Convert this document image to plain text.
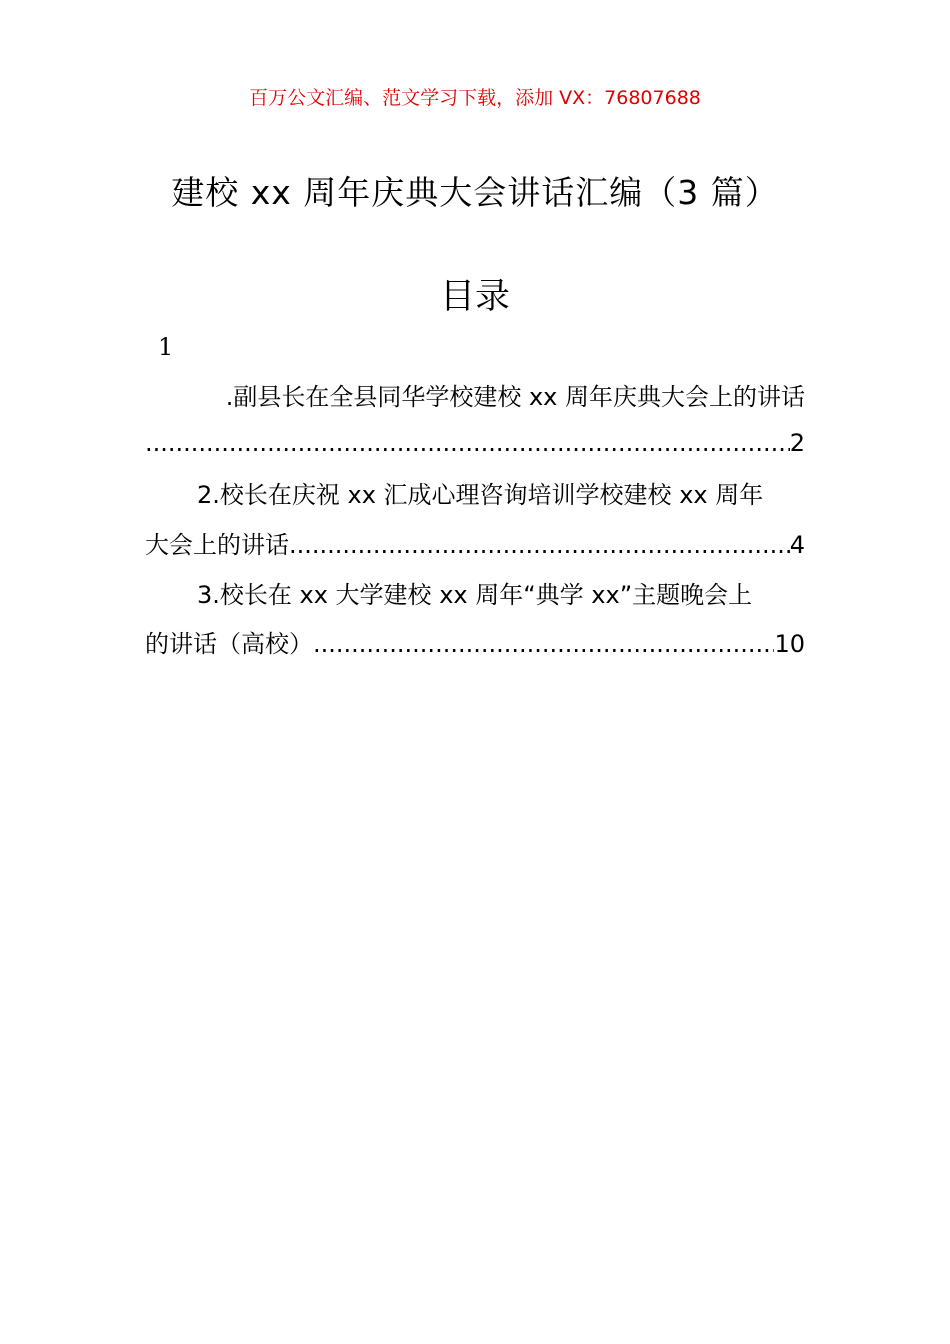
百万公文汇编、范文学习下载，添加 VX：76807688
建校 xx 周年庆典大会讲话汇编（3 篇）
目录
1
.副县长在全县同华学校建校 xx 周年庆典大会上的讲话
.....
2
2.校长在庆祝 xx 汇成心理咨询培训学校建校 xx 周年
大会上的讲话 .....	4
3.校长在 xx 大学建校 xx 周年“典学 xx”主题晚会上
的讲话（高校） .....	10
